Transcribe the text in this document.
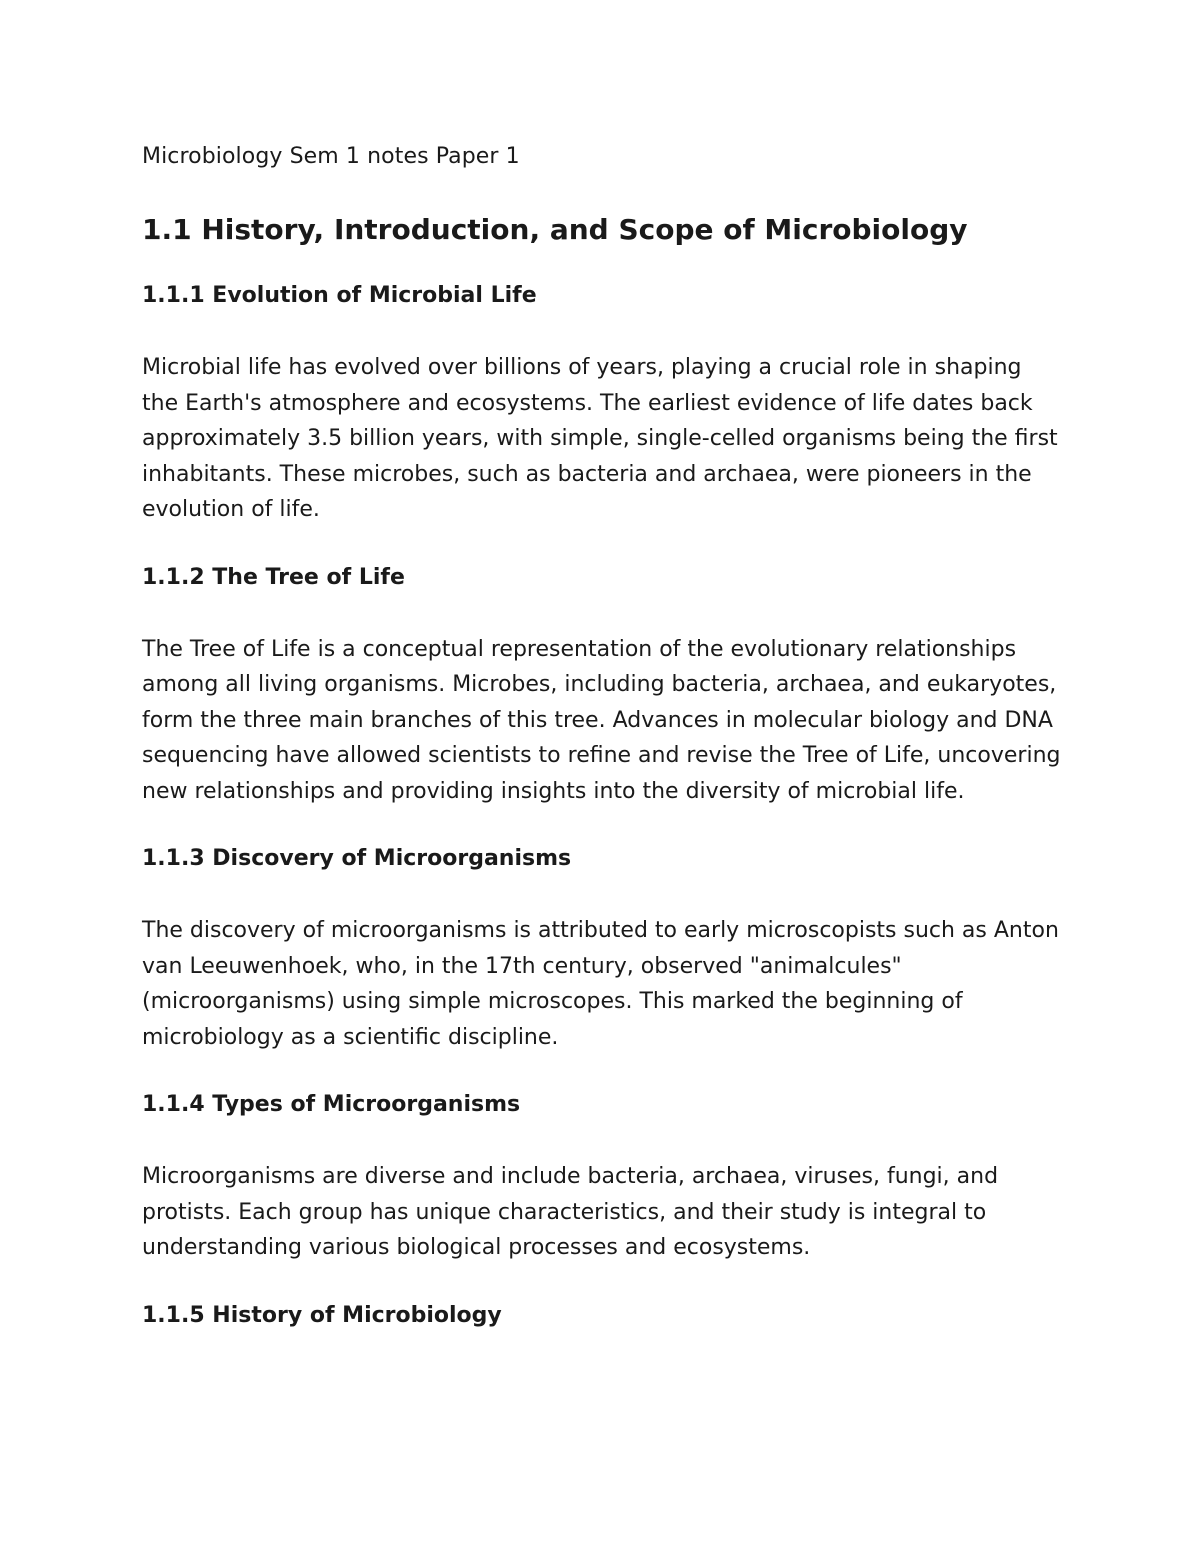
Microbiology Sem 1 notes Paper 1
1.1 History, Introduction, and Scope of Microbiology
1.1.1 Evolution of Microbial Life

Microbial life has evolved over billions of years, playing a crucial role in shaping the Earth's atmosphere and ecosystems. The earliest evidence of life dates back approximately 3.5 billion years, with simple, single-celled organisms being the first inhabitants. These microbes, such as bacteria and archaea, were pioneers in the evolution of life.

1.1.2 The Tree of Life

The Tree of Life is a conceptual representation of the evolutionary relationships among all living organisms. Microbes, including bacteria, archaea, and eukaryotes, form the three main branches of this tree. Advances in molecular biology and DNA sequencing have allowed scientists to refine and revise the Tree of Life, uncovering new relationships and providing insights into the diversity of microbial life.

1.1.3 Discovery of Microorganisms

The discovery of microorganisms is attributed to early microscopists such as Anton van Leeuwenhoek, who, in the 17th century, observed "animalcules" (microorganisms) using simple microscopes. This marked the beginning of microbiology as a scientific discipline.

1.1.4 Types of Microorganisms

Microorganisms are diverse and include bacteria, archaea, viruses, fungi, and protists. Each group has unique characteristics, and their study is integral to understanding various biological processes and ecosystems.

1.1.5 History of Microbiology
